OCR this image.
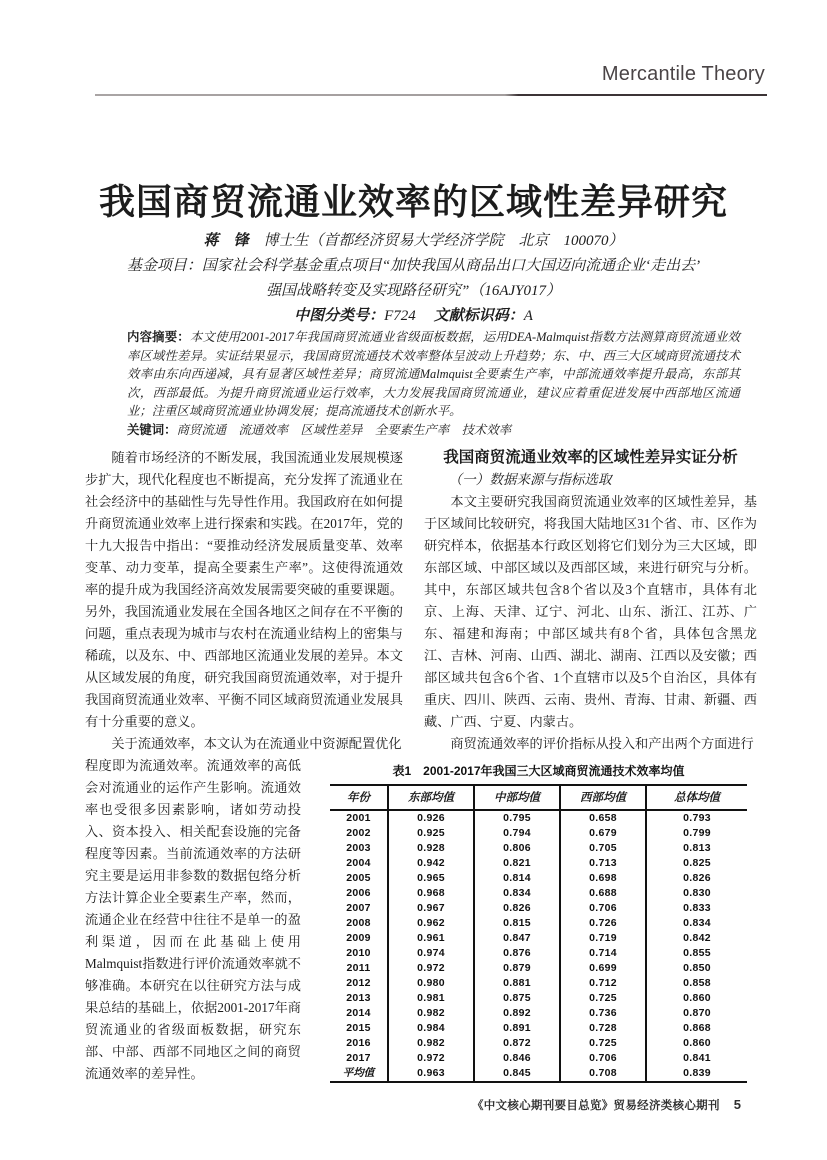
Mercantile Theory
我国商贸流通业效率的区域性差异研究
蒋　锋　 博士生（首都经济贸易大学经济学院　北京　100070）
基金项目：国家社会科学基金重点项目“加快我国从商品出口大国迈向流通企业‘走出去’
强国战略转变及实现路径研究”（16AJY017）
中图分类号：F724 文献标识码：A

内容摘要：本文使用2001-2017年我国商贸流通业省级面板数据，运用DEA-Malmquist指数方法测算商贸流通业效率区域性差异。实证结果显示，我国商贸流通技术效率整体呈波动上升趋势；东、中、西三大区域商贸流通技术效率由东向西递减，具有显著区域性差异；商贸流通Malmquist全要素生产率，中部流通效率提升最高，东部其次，西部最低。为提升商贸流通业运行效率，大力发展我国商贸流通业，建议应着重促进发展中西部地区流通业；注重区域商贸流通业协调发展；提高流通技术创新水平。

关键词：商贸流通　流通效率　区域性差异　全要素生产率　技术效率

随着市场经济的不断发展，我国流通业发展规模逐步扩大，现代化程度也不断提高，充分发挥了流通业在社会经济中的基础性与先导性作用。我国政府在如何提升商贸流通业效率上进行探索和实践。在2017年，党的十九大报告中指出：“要推动经济发展质量变革、效率变革、动力变革，提高全要素生产率”。这使得流通效率的提升成为我国经济高效发展需要突破的重要课题。另外，我国流通业发展在全国各地区之间存在不平衡的问题，重点表现为城市与农村在流通业结构上的密集与稀疏，以及东、中、西部地区流通业发展的差异。本文从区域发展的角度，研究我国商贸流通效率，对于提升我国商贸流通业效率、平衡不同区域商贸流通业发展具有十分重要的意义。

关于流通效率，本文认为在流通业中资源配置优化

程度即为流通效率。流通效率的高低会对流通业的运作产生影响。流通效率也受很多因素影响，诸如劳动投入、资本投入、相关配套设施的完备程度等因素。当前流通效率的方法研究主要是运用非参数的数据包络分析方法计算企业全要素生产率，然而，流通企业在经营中往往不是单一的盈利渠道，因而在此基础上使用Malmquist指数进行评价流通效率就不够准确。本研究在以往研究方法与成果总结的基础上，依据2001-2017年商贸流通业的省级面板数据，研究东部、中部、西部不同地区之间的商贸流通效率的差异性。

我国商贸流通业效率的区域性差异实证分析

（一）数据来源与指标选取

本文主要研究我国商贸流通业效率的区域性差异，基于区域间比较研究，将我国大陆地区31个省、市、区作为研究样本，依据基本行政区划将它们划分为三大区域，即东部区域、中部区域以及西部区域，来进行研究与分析。其中，东部区域共包含8个省以及3个直辖市，具体有北京、上海、天津、辽宁、河北、山东、浙江、江苏、广东、福建和海南；中部区域共有8个省，具体包含黑龙江、吉林、河南、山西、湖北、湖南、江西以及安徽；西部区域共包含6个省、1个直辖市以及5个自治区，具体有重庆、四川、陕西、云南、贵州、青海、甘肃、新疆、西藏、广西、宁夏、内蒙古。

商贸流通效率的评价指标从投入和产出两个方面进行

表1　2001-2017年我国三大区域商贸流通技术效率均值

年份	东部均值	中部均值	西部均值	总体均值
2001	0.926	0.795	0.658	0.793
2002	0.925	0.794	0.679	0.799
2003	0.928	0.806	0.705	0.813
2004	0.942	0.821	0.713	0.825
2005	0.965	0.814	0.698	0.826
2006	0.968	0.834	0.688	0.830
2007	0.967	0.826	0.706	0.833
2008	0.962	0.815	0.726	0.834
2009	0.961	0.847	0.719	0.842
2010	0.974	0.876	0.714	0.855
2011	0.972	0.879	0.699	0.850
2012	0.980	0.881	0.712	0.858
2013	0.981	0.875	0.725	0.860
2014	0.982	0.892	0.736	0.870
2015	0.984	0.891	0.728	0.868
2016	0.982	0.872	0.725	0.860
2017	0.972	0.846	0.706	0.841
平均值	0.963	0.845	0.708	0.839
《中文核心期刊要目总览》贸易经济类核心期刊 5
